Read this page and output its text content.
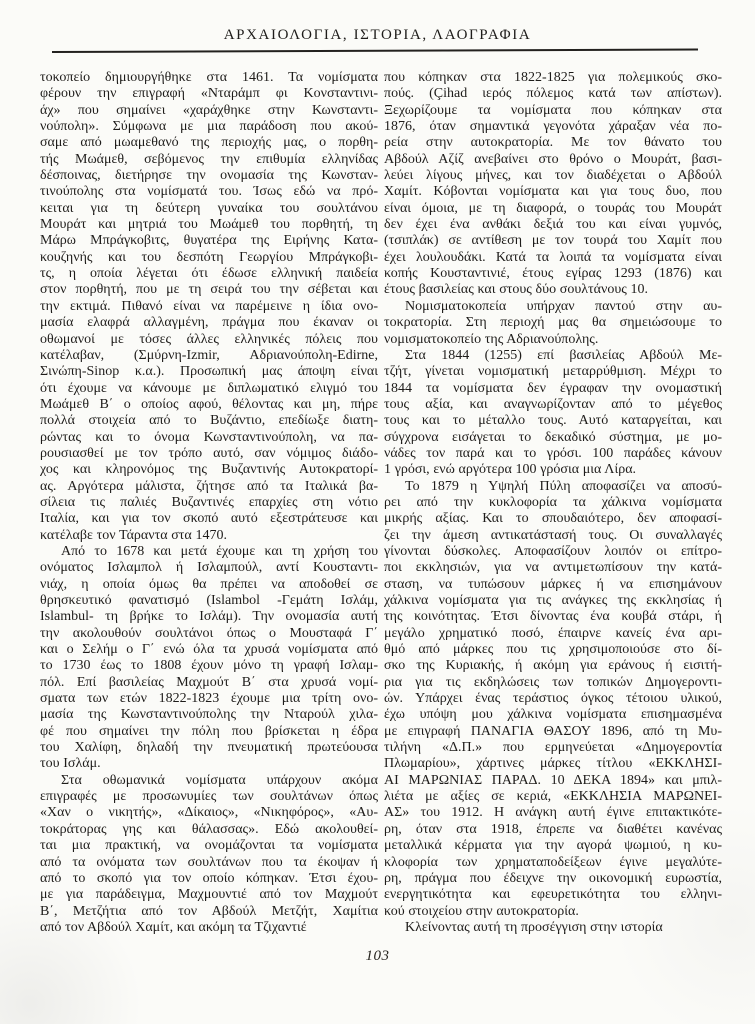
ΑΡΧΑΙΟΛΟΓΙΑ, ΙΣΤΟΡΙΑ, ΛΑΟΓΡΑΦΙΑ
τοκοπείο δημιουργήθηκε στα 1461. Τα νομίσματα
φέρουν την επιγραφή «Νταράμπ φι Κονσταντινι-
άχ» που σημαίνει «χαράχθηκε στην Κωνσταντι-
νούπολη». Σύμφωνα με μια παράδοση που ακού-
σαμε από μωαμεθανό της περιοχής μας, ο πορθη-
τής Μωάμεθ, σεβόμενος την επιθυμία ελληνίδας
δέσποινας, διετήρησε την ονομασία της Κωνσταν-
τινούπολης στα νομίσματά του. Ίσως εδώ να πρό-
κειται για τη δεύτερη γυναίκα του σουλτάνου
Μουράτ και μητριά του Μωάμεθ του πορθητή, τη
Μάρω Μπράγκοβιτς, θυγατέρα της Ειρήνης Κατα-
κουζηνής και του δεσπότη Γεωργίου Μπράγκοβι-
τς, η οποία λέγεται ότι έδωσε ελληνική παιδεία
στον πορθητή, που με τη σειρά του την σέβεται και
την εκτιμά. Πιθανό είναι να παρέμεινε η ίδια ονο-
μασία ελαφρά αλλαγμένη, πράγμα που έκαναν οι
οθωμανοί με τόσες άλλες ελληνικές πόλεις που
κατέλαβαν, (Σμύρνη-Izmir, Αδριανούπολη-Edirne,
Σινώπη-Sinop κ.α.). Προσωπική μας άποψη είναι
ότι έχουμε να κάνουμε με διπλωματικό ελιγμό του
Μωάμεθ Β΄ ο οποίος αφού, θέλοντας και μη, πήρε
πολλά στοιχεία από το Βυζάντιο, επεδίωξε διατη-
ρώντας και το όνομα Κωνσταντινούπολη, να πα-
ρουσιασθεί με τον τρόπο αυτό, σαν νόμιμος διάδο-
χος και κληρονόμος της Βυζαντινής Αυτοκρατορί-
ας. Αργότερα μάλιστα, ζήτησε από τα Ιταλικά βα-
σίλεια τις παλιές Βυζαντινές επαρχίες στη νότιο
Ιταλία, και για τον σκοπό αυτό εξεστράτευσε και
κατέλαβε τον Τάραντα στα 1470.
Από το 1678 και μετά έχουμε και τη χρήση του
ονόματος Ισλαμπολ ή Ισλαμπούλ, αντί Κουσταντι-
νιάχ, η οποία όμως θα πρέπει να αποδοθεί σε
θρησκευτικό φανατισμό (Islambol -Γεμάτη Ισλάμ,
Islambul- τη βρήκε το Ισλάμ). Την ονομασία αυτή
την ακολουθούν σουλτάνοι όπως ο Μουσταφά Γ΄
και ο Σελήμ ο Γ΄ ενώ όλα τα χρυσά νομίσματα από
το 1730 έως το 1808 έχουν μόνο τη γραφή Ισλαμ-
πόλ. Επί βασιλείας Μαχμούτ Β΄ στα χρυσά νομί-
σματα των ετών 1822-1823 έχουμε μια τρίτη ονο-
μασία της Κωνσταντινούπολης την Νταρούλ χιλα-
φέ που σημαίνει την πόλη που βρίσκεται η έδρα
του Χαλίφη, δηλαδή την πνευματική πρωτεύουσα
του Ισλάμ.
Στα οθωμανικά νομίσματα υπάρχουν ακόμα
επιγραφές με προσωνυμίες των σουλτάνων όπως
«Χαν ο νικητής», «Δίκαιος», «Νικηφόρος», «Αυ-
τοκράτορας γης και θάλασσας». Εδώ ακολουθεί-
ται μια πρακτική, να ονομάζονται τα νομίσματα
από τα ονόματα των σουλτάνων που τα έκοψαν ή
από το σκοπό για τον οποίο κόπηκαν. Έτσι έχου-
με για παράδειγμα, Μαχμουντιέ από τον Μαχμούτ
Β΄, Μετζήτια από τον Αβδούλ Μετζήτ, Χαμίτια
από τον Αβδούλ Χαμίτ, και ακόμη τα Τζιχαντιέ
που κόπηκαν στα 1822-1825 για πολεμικούς σκο-
πούς. (Çihad ιερός πόλεμος κατά των απίστων).
Ξεχωρίζουμε τα νομίσματα που κόπηκαν στα
1876, όταν σημαντικά γεγονότα χάραξαν νέα πο-
ρεία στην αυτοκρατορία. Με τον θάνατο του
Αβδούλ Αζίζ ανεβαίνει στο θρόνο ο Μουράτ, βασι-
λεύει λίγους μήνες, και τον διαδέχεται ο Αβδούλ
Χαμίτ. Κόβονται νομίσματα και για τους δυο, που
είναι όμοια, με τη διαφορά, ο τουράς του Μουράτ
δεν έχει ένα ανθάκι δεξιά του και είναι γυμνός,
(τσιπλάκ) σε αντίθεση με τον τουρά του Χαμίτ που
έχει λουλουδάκι. Κατά τα λοιπά τα νομίσματα είναι
κοπής Κουσταντινιέ, έτους εγίρας 1293 (1876) και
έτους βασιλείας και στους δύο σουλτάνους 10.
Νομισματοκοπεία υπήρχαν παντού στην αυ-
τοκρατορία. Στη περιοχή μας θα σημειώσουμε το
νομισματοκοπείο της Αδριανούπολης.
Στα 1844 (1255) επί βασιλείας Αβδούλ Με-
τζήτ, γίνεται νομισματική μεταρρύθμιση. Μέχρι το
1844 τα νομίσματα δεν έγραφαν την ονομαστική
τους αξία, και αναγνωρίζονταν από το μέγεθος
τους και το μέταλλο τους. Αυτό καταργείται, και
σύγχρονα εισάγεται το δεκαδικό σύστημα, με μο-
νάδες τον παρά και το γρόσι. 100 παράδες κάνουν
1 γρόσι, ενώ αργότερα 100 γρόσια μια Λίρα.
Το 1879 η Υψηλή Πύλη αποφασίζει να αποσύ-
ρει από την κυκλοφορία τα χάλκινα νομίσματα
μικρής αξίας. Και το σπουδαιότερο, δεν αποφασί-
ζει την άμεση αντικατάστασή τους. Οι συναλλαγές
γίνονται δύσκολες. Αποφασίζουν λοιπόν οι επίτρο-
ποι εκκλησιών, για να αντιμετωπίσουν την κατά-
σταση, να τυπώσουν μάρκες ή να επισημάνουν
χάλκινα νομίσματα για τις ανάγκες της εκκλησίας ή
της κοινότητας. Έτσι δίνοντας ένα κουβά στάρι, ή
μεγάλο χρηματικό ποσό, έπαιρνε κανείς ένα αρι-
θμό από μάρκες που τις χρησιμοποιούσε στο δί-
σκο της Κυριακής, ή ακόμη για εράνους ή εισιτή-
ρια για τις εκδηλώσεις των τοπικών Δημογεροντι-
ών. Υπάρχει ένας τεράστιος όγκος τέτοιου υλικού,
έχω υπόψη μου χάλκινα νομίσματα επισημασμένα
με επιγραφή ΠΑΝΑΓΙΑ ΘΑΣΟΥ 1896, από τη Μυ-
τιλήνη «Δ.Π.» που ερμηνεύεται «Δημογεροντία
Πλωμαρίου», χάρτινες μάρκες τίτλου «ΕΚΚΛΗΣΙ-
ΑΙ ΜΑΡΩΝΙΑΣ ΠΑΡΑΔ. 10 ΔΕΚΑ 1894» και μπιλ-
λιέτα με αξίες σε κεριά, «ΕΚΚΛΗΣΙΑ ΜΑΡΩΝΕΙ-
ΑΣ» του 1912. Η ανάγκη αυτή έγινε επιτακτικότε-
ρη, όταν στα 1918, έπρεπε να διαθέτει κανένας
μεταλλικά κέρματα για την αγορά ψωμιού, η κυ-
κλοφορία των χρηματαποδείξεων έγινε μεγαλύτε-
ρη, πράγμα που έδειχνε την οικονομική ευρωστία,
ενεργητικότητα και εφευρετικότητα του ελληνι-
κού στοιχείου στην αυτοκρατορία.
Κλείνοντας αυτή τη προσέγγιση στην ιστορία
103
